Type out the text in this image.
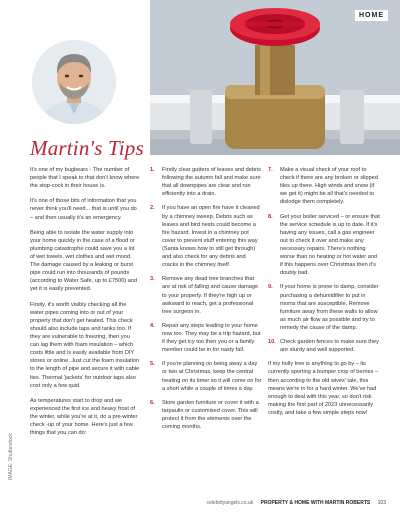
HOME
Martin's Tips
IMAGE: Shutterstock

It's one of my bugbears - The number of people that I speak to that don't know where the stop-cock in their house is.

It's one of those bits of information that you never think you'll need... that is until you do – and then usually it's an emergency.

Being able to isolate the water supply into your home quickly in the case of a flood or plumbing catastrophe could save you a lot of wet towels, wet clothes and wet mood. The damage caused by a leaking or burst pipe could run into thousands of pounds (according to Water Safe, up to £7500) and yet it is easily prevented.

Firstly, it's worth visibly checking all the water pipes coming into or out of your property that don't get heated. This check should also include taps and tanks too. If they are vulnerable to freezing, then you can lag them with foam insulation – which costs little and is easily available from DIY stores or online. Just cut the foam insulation to the length of pipe and secure it with cable ties. Thermal 'jackets' for outdoor taps also cost only a few quid.

As temperatures start to drop and we experienced the first ice and heavy frost of the winter, while you're at it, do a pre-winter check -up of your home. Here's just a few things that you can do:

1.	Firstly clear gutters of leaves and debris following the autumn fall and make sure that all downpipes are clear and run efficiently into a drain.
2.	If you have an open fire have it cleaned by a chimney sweep. Debris such as leaves and bird nests could become a fire hazard. Invest in a chimney pot cover to prevent stuff entering this way (Santa knows how to still get through) and also check for any debris and cracks in the chimney itself.
3.	Remove any dead tree branches that are at risk of falling and cause damage to your property. If they're high up or awkward to reach, get a professional tree surgeon in.
4.	Repair any steps leading to your home now too. They may be a trip hazard, but if they get icy too then you or a family member could be in for nasty fall.
5.	If you're planning on being away a day or two at Christmas, keep the central heating on its timer so it will come on for a short while a couple of times a day.
6.	Store garden furniture or cover it with a tarpaulin or customised cover. This will protect it from the elements over the coming months.
7.	Make a visual check of your roof to check if there are any broken or slipped tiles up there. High winds and snow (if we get it) might be all that's needed to dislodge them completely.
8.	Get your boiler serviced – or ensure that the service schedule is up to date. If it's having any issues, call a gas engineer out to check it over and make any necessary repairs. There's nothing worse than no heating or hot water and if this happens over Christmas then it's doubly bad.
9.	If your home is prone to damp, consider purchasing a dehumidifier to put in rooms that are susceptible. Remove furniture away from these walls to allow as much air flow as possible and try to remedy the cause of the damp.
10. Check garden fences to make sure they are sturdy and well supported.
If my holly tree is anything to go by – its currently sporting a bumper crop of berries – then according to the old wives' tale, this means we're in for a hard winter. We've had enough to deal with this year, so don't risk making the first part of 2023 unnecessarily costly, and take a few simple steps now!
celebrityangels.co.uk PROPERTY & HOME WITH MARTIN ROBERTS 103
